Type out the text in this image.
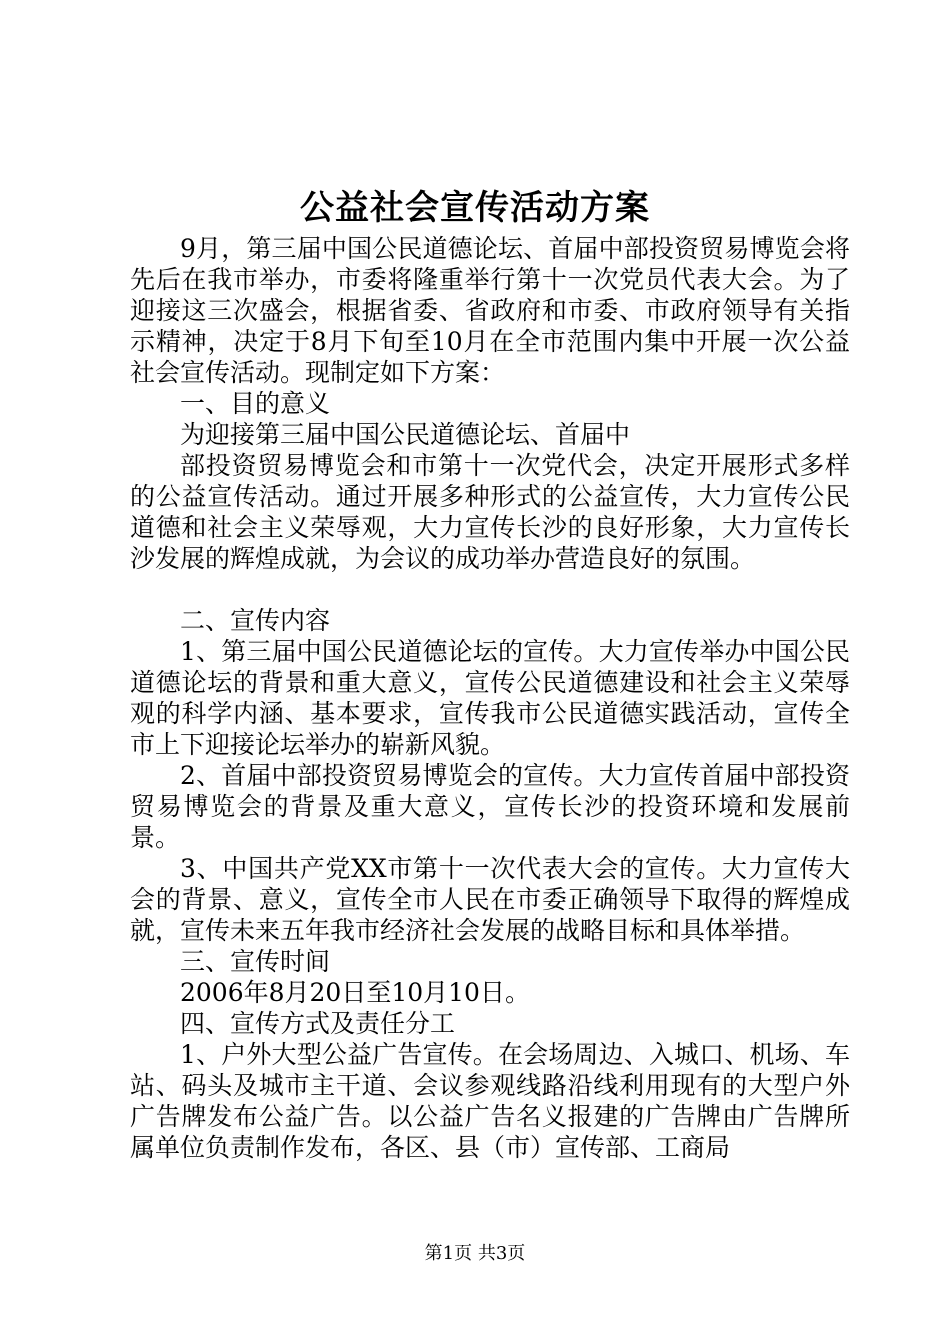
公益社会宣传活动方案

9月，第三届中国公民道德论坛、首届中部投资贸易博览会将先后在我市举办，市委将隆重举行第十一次党员代表大会。为了迎接这三次盛会，根据省委、省政府和市委、市政府领导有关指示精神，决定于8月下旬至10月在全市范围内集中开展一次公益社会宣传活动。现制定如下方案：

一、目的意义

为迎接第三届中国公民道德论坛、首届中

部投资贸易博览会和市第十一次党代会，决定开展形式多样的公益宣传活动。通过开展多种形式的公益宣传，大力宣传公民道德和社会主义荣辱观，大力宣传长沙的良好形象，大力宣传长沙发展的辉煌成就，为会议的成功举办营造良好的氛围。

二、宣传内容

1、第三届中国公民道德论坛的宣传。大力宣传举办中国公民道德论坛的背景和重大意义，宣传公民道德建设和社会主义荣辱观的科学内涵、基本要求，宣传我市公民道德实践活动，宣传全市上下迎接论坛举办的崭新风貌。

2、首届中部投资贸易博览会的宣传。大力宣传首届中部投资贸易博览会的背景及重大意义，宣传长沙的投资环境和发展前景。

3、中国共产党XX市第十一次代表大会的宣传。大力宣传大会的背景、意义，宣传全市人民在市委正确领导下取得的辉煌成就，宣传未来五年我市经济社会发展的战略目标和具体举措。

三、宣传时间

2006年8月20日至10月10日。

四、宣传方式及责任分工

1、户外大型公益广告宣传。在会场周边、入城口、机场、车站、码头及城市主干道、会议参观线路沿线利用现有的大型户外广告牌发布公益广告。以公益广告名义报建的广告牌由广告牌所属单位负责制作发布，各区、县（市）宣传部、工商局

第1页 共3页
